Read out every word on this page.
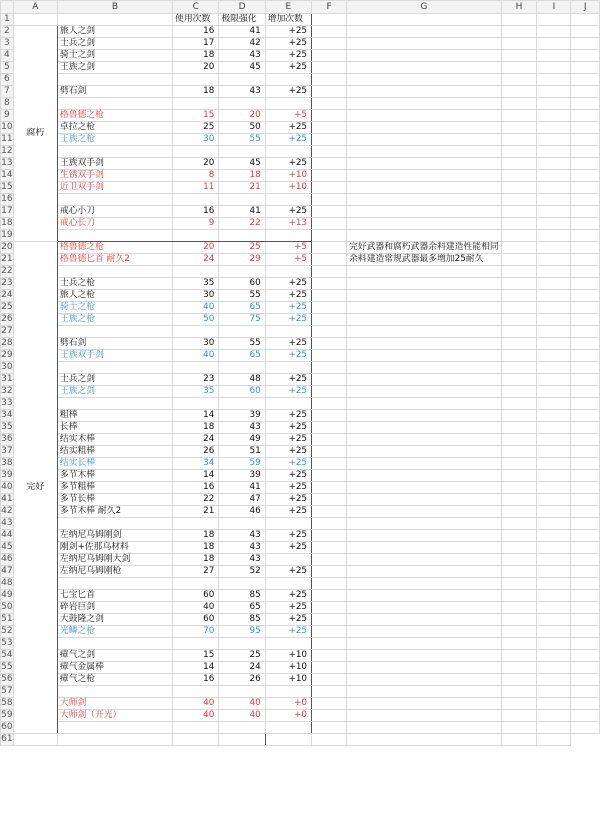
	A	B	C	D	E	F	G	H	I	J
1			使用次数	极限强化	增加次数					
2	腐朽	旅人之剑	16	41	+25					
3		士兵之剑	17	42	+25					
4		骑士之剑	18	43	+25					
5		王族之剑	20	45	+25					
6										
7		劈石剑	18	43	+25					
8										
9		格鲁德之枪	15	20	+5					
10		卓拉之枪	25	50	+25					
11		王族之枪	30	55	+25					
12										
13		王族双手剑	20	45	+25					
14		生锈双手剑	8	18	+10					
15		近卫双手剑	11	21	+10					
16										
17		戒心小刀	16	41	+25					
18		戒心长刀	9	22	+13					
19										
20	完好	格鲁德之枪	20	25	+5		完好武器和腐朽武器余料建造性能相同			
21		格鲁德匕首 耐久2	24	29	+5		余料建造常规武器最多增加25耐久			
22										
23		士兵之枪	35	60	+25					
24		旅人之枪	30	55	+25					
25		骑士之枪	40	65	+25					
26		王族之枪	50	75	+25					
27										
28		劈石剑	30	55	+25					
29		王族双手剑	40	65	+25					
30										
31		士兵之剑	23	48	+25					
32		王族之剑	35	60	+25					
33										
34		粗棒	14	39	+25					
35		长棒	18	43	+25					
36		结实木棒	24	49	+25					
37		结实粗棒	26	51	+25					
38		结实长棒	34	59	+25					
39		多节木棒	14	39	+25					
40		多节粗棒	16	41	+25					
41		多节长棒	22	47	+25					
42		多节木棒 耐久2	21	46	+25					
43										
44		左纳尼乌姆刚剑	18	43	+25					
45		刚剑+佐那乌材料	18	43	+25					
46		左纳尼乌姆刚大剑	18	43						
47		左纳尼乌姆刚枪	27	52	+25					
48										
49		七宝匕首	60	85	+25					
50		碎岩巨剑	40	65	+25					
51		大鼓隆之剑	60	85	+25					
52		光鳞之枪	70	95	+25					
53										
54		瘴气之剑	15	25	+10					
55		瘴气金属棒	14	24	+10					
56		瘴气之枪	16	26	+10					
57										
58		大师剑	40	40	+0					
59		大师剑（开光）	40	40	+0					
60										
61										
